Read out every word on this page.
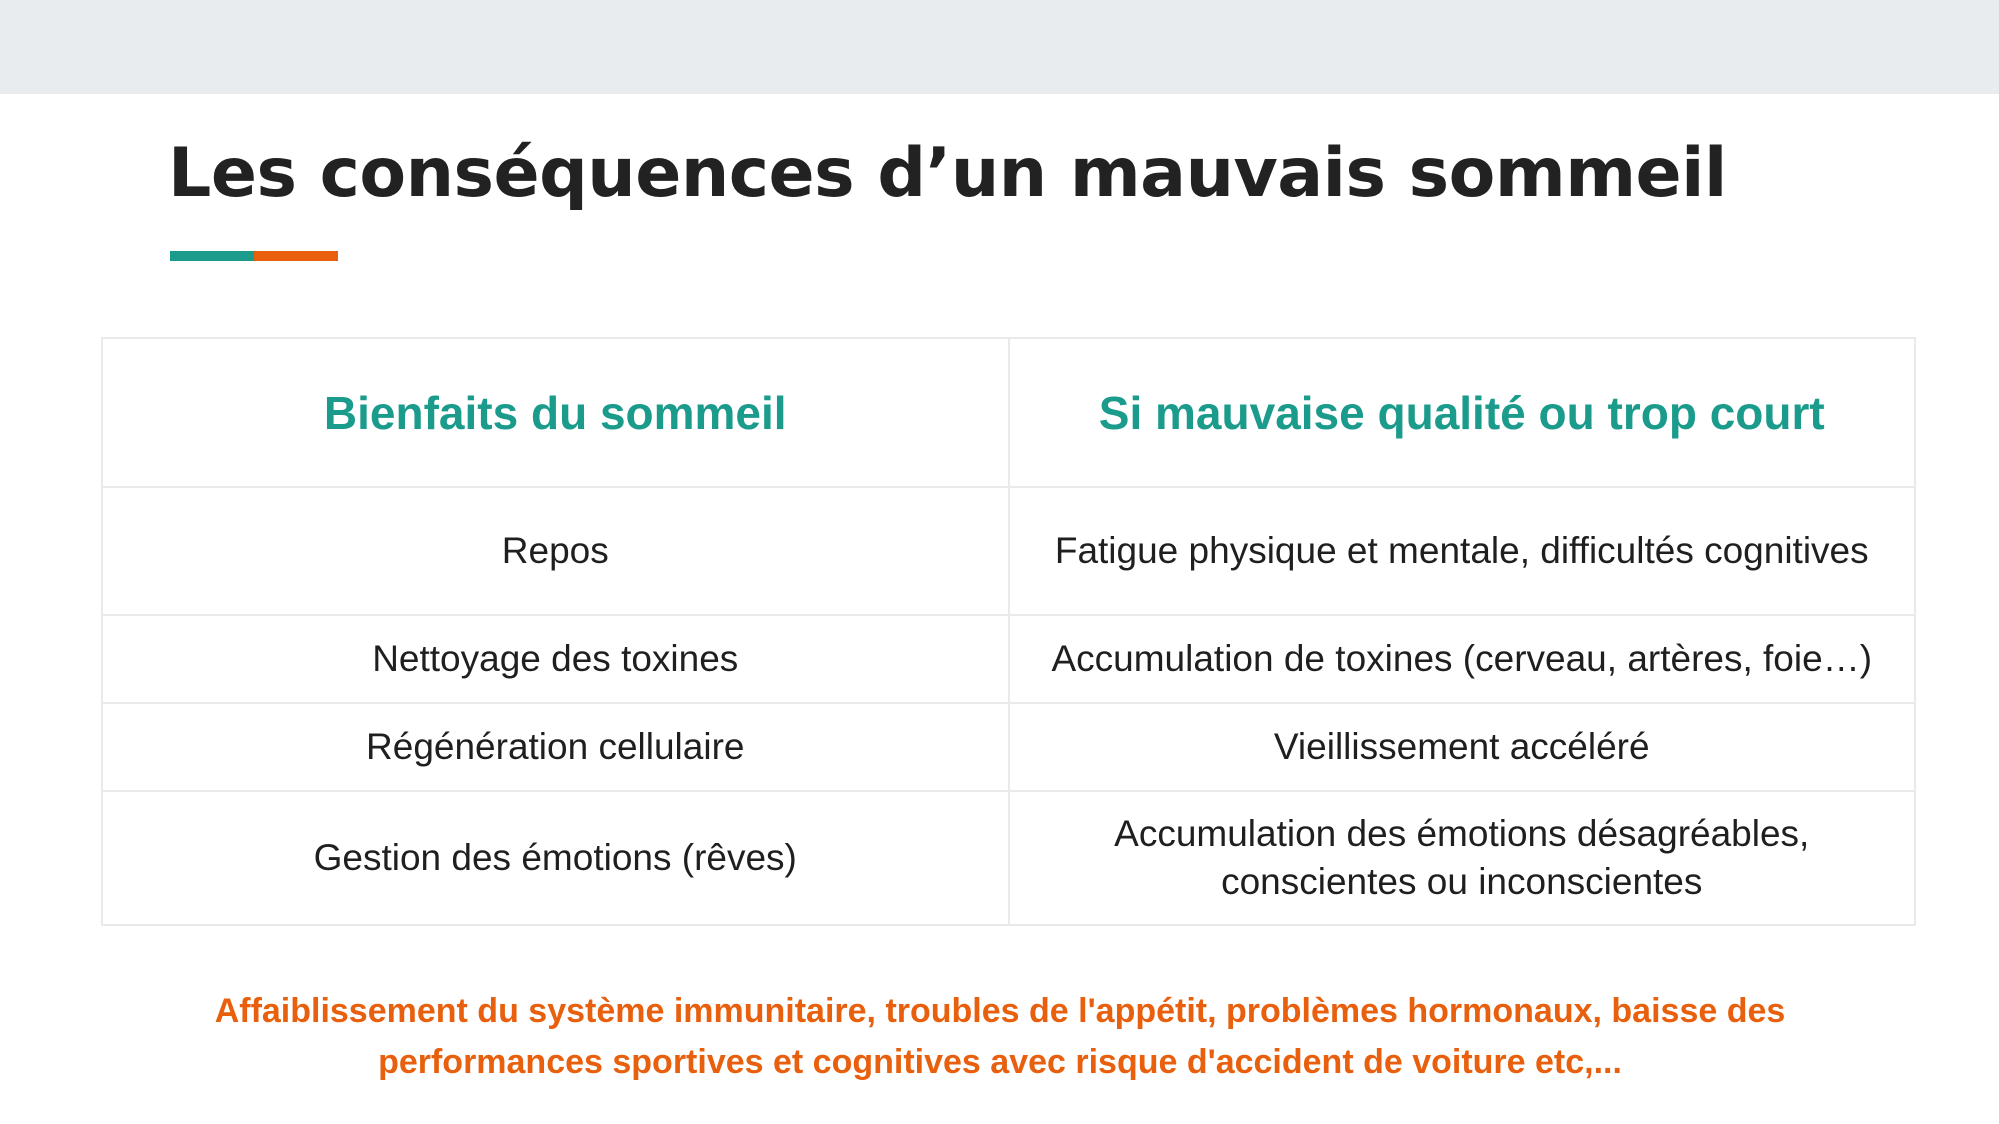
Les conséquences d’un mauvais sommeil
Bienfaits du sommeil	Si mauvaise qualité ou trop court
Repos	Fatigue physique et mentale, difficultés cognitives
Nettoyage des toxines	Accumulation de toxines (cerveau, artères, foie…)
Régénération cellulaire	Vieillissement accéléré
Gestion des émotions (rêves)	Accumulation des émotions désagréables,
conscientes ou inconscientes

Affaiblissement du système immunitaire, troubles de l'appétit, problèmes hormonaux, baisse des
performances sportives et cognitives avec risque d'accident de voiture etc,...
